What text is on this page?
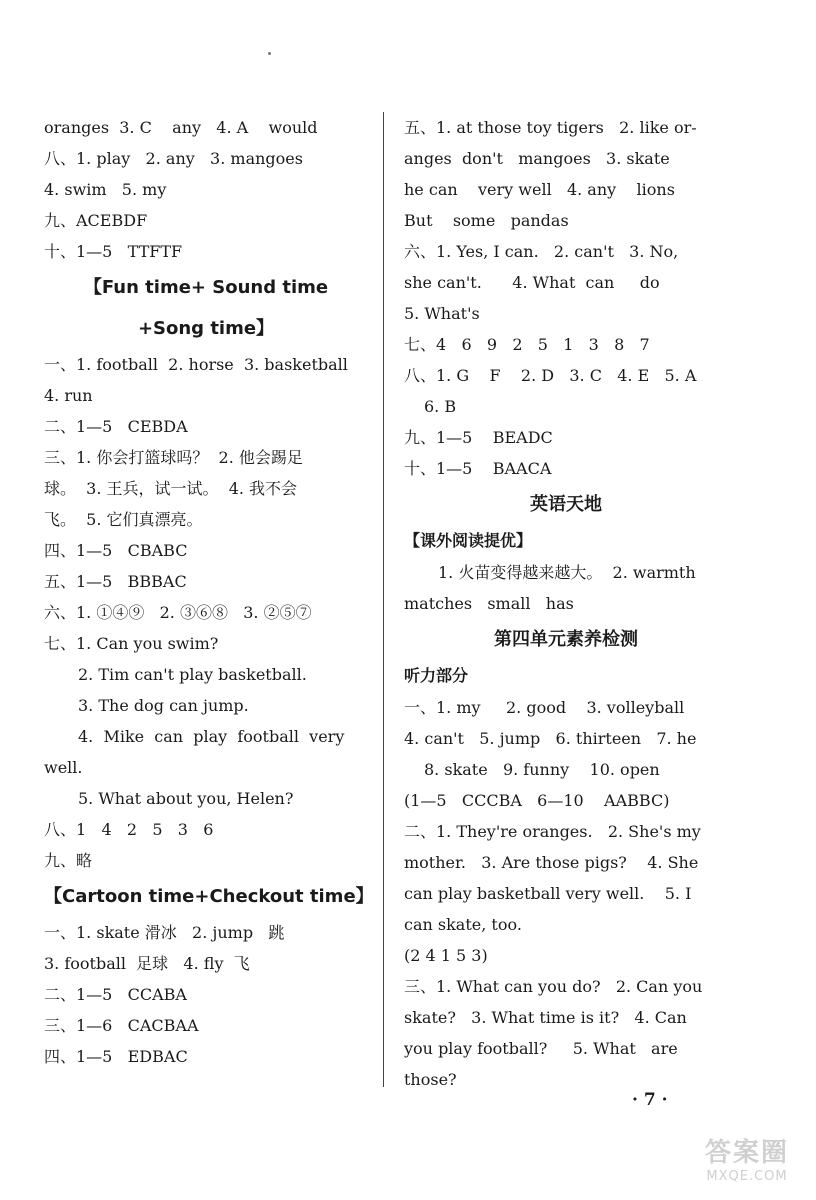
oranges  3. C    any   4. A    would
八、1. play   2. any   3. mangoes
4. swim   5. my
九、ACEBDF
十、1—5   TTFTF
【Fun time+ Sound time
+Song time】
一、1. football  2. horse  3. basketball
4. run
二、1—5   CEBDA
三、1. 你会打篮球吗？  2. 他会踢足
球。  3. 王兵，试一试。  4. 我不会
飞。  5. 它们真漂亮。
四、1—5   CBABC
五、1—5   BBBAC
六、1. ①④⑨   2. ③⑥⑧   3. ②⑤⑦
七、1. Can you swim?
2. Tim can't play basketball.
3. The dog can jump.
4.  Mike  can  play  football  very
well.
5. What about you, Helen?
八、1   4   2   5   3   6
九、略
【Cartoon time+Checkout time】
一、1. skate 滑冰   2. jump   跳
3. football  足球   4. fly  飞
二、1—5   CCABA
三、1—6   CACBAA
四、1—5   EDBAC
五、1. at those toy tigers   2. like or-
anges  don't   mangoes   3. skate
he can    very well   4. any    lions
But    some   pandas
六、1. Yes, I can.   2. can't   3. No,
she can't.      4. What  can     do
5. What's
七、4   6   9   2   5   1   3   8   7
八、1. G    F    2. D   3. C   4. E   5. A
6. B
九、1—5    BEADC
十、1—5    BAACA
英语天地
【课外阅读提优】
1. 火苗变得越来越大。  2. warmth
matches   small   has
第四单元素养检测
听力部分
一、1. my     2. good    3. volleyball
4. can't   5. jump   6. thirteen   7. he
8. skate   9. funny    10. open
(1—5   CCCBA   6—10    AABBC)
二、1. They're oranges.   2. She's my
mother.   3. Are those pigs?    4. She
can play basketball very well.    5. I
can skate, too.
(2 4 1 5 3)
三、1. What can you do?   2. Can you
skate?   3. What time is it?   4. Can
you play football?     5. What   are
those?
· 7 ·
答案圈
MXQE.COM
